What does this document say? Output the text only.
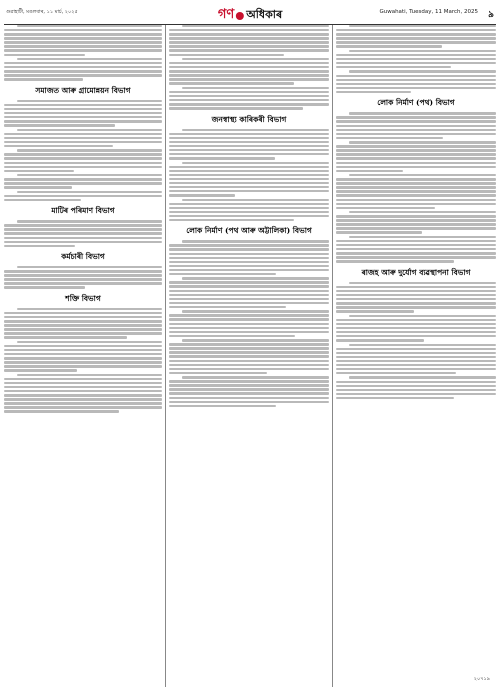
গুৱাহাটী, মঙলবাৰ, ১১ মাৰ্চ, ২০২৫	গণ অধিকাৰ	Guwahati, Tuesday, 11 March, 2025 ৯
সমাজত আৰু গ্ৰামোন্নয়ন বিভাগ
মাটিৰ পৰিমাণ বিভাগ
কৰ্মচাৰী বিভাগ
শক্তি বিভাগ
জনস্বাস্থ্য কাৰিকৰী বিভাগ
লোক নিৰ্মাণ (পথ আৰু অট্টালিকা) বিভাগ
লোক নিৰ্মাণ (পথ) বিভাগ
ৰাজহ আৰু দুৰ্যোগ ব্যৱস্থাপনা বিভাগ
২০৭১৯
